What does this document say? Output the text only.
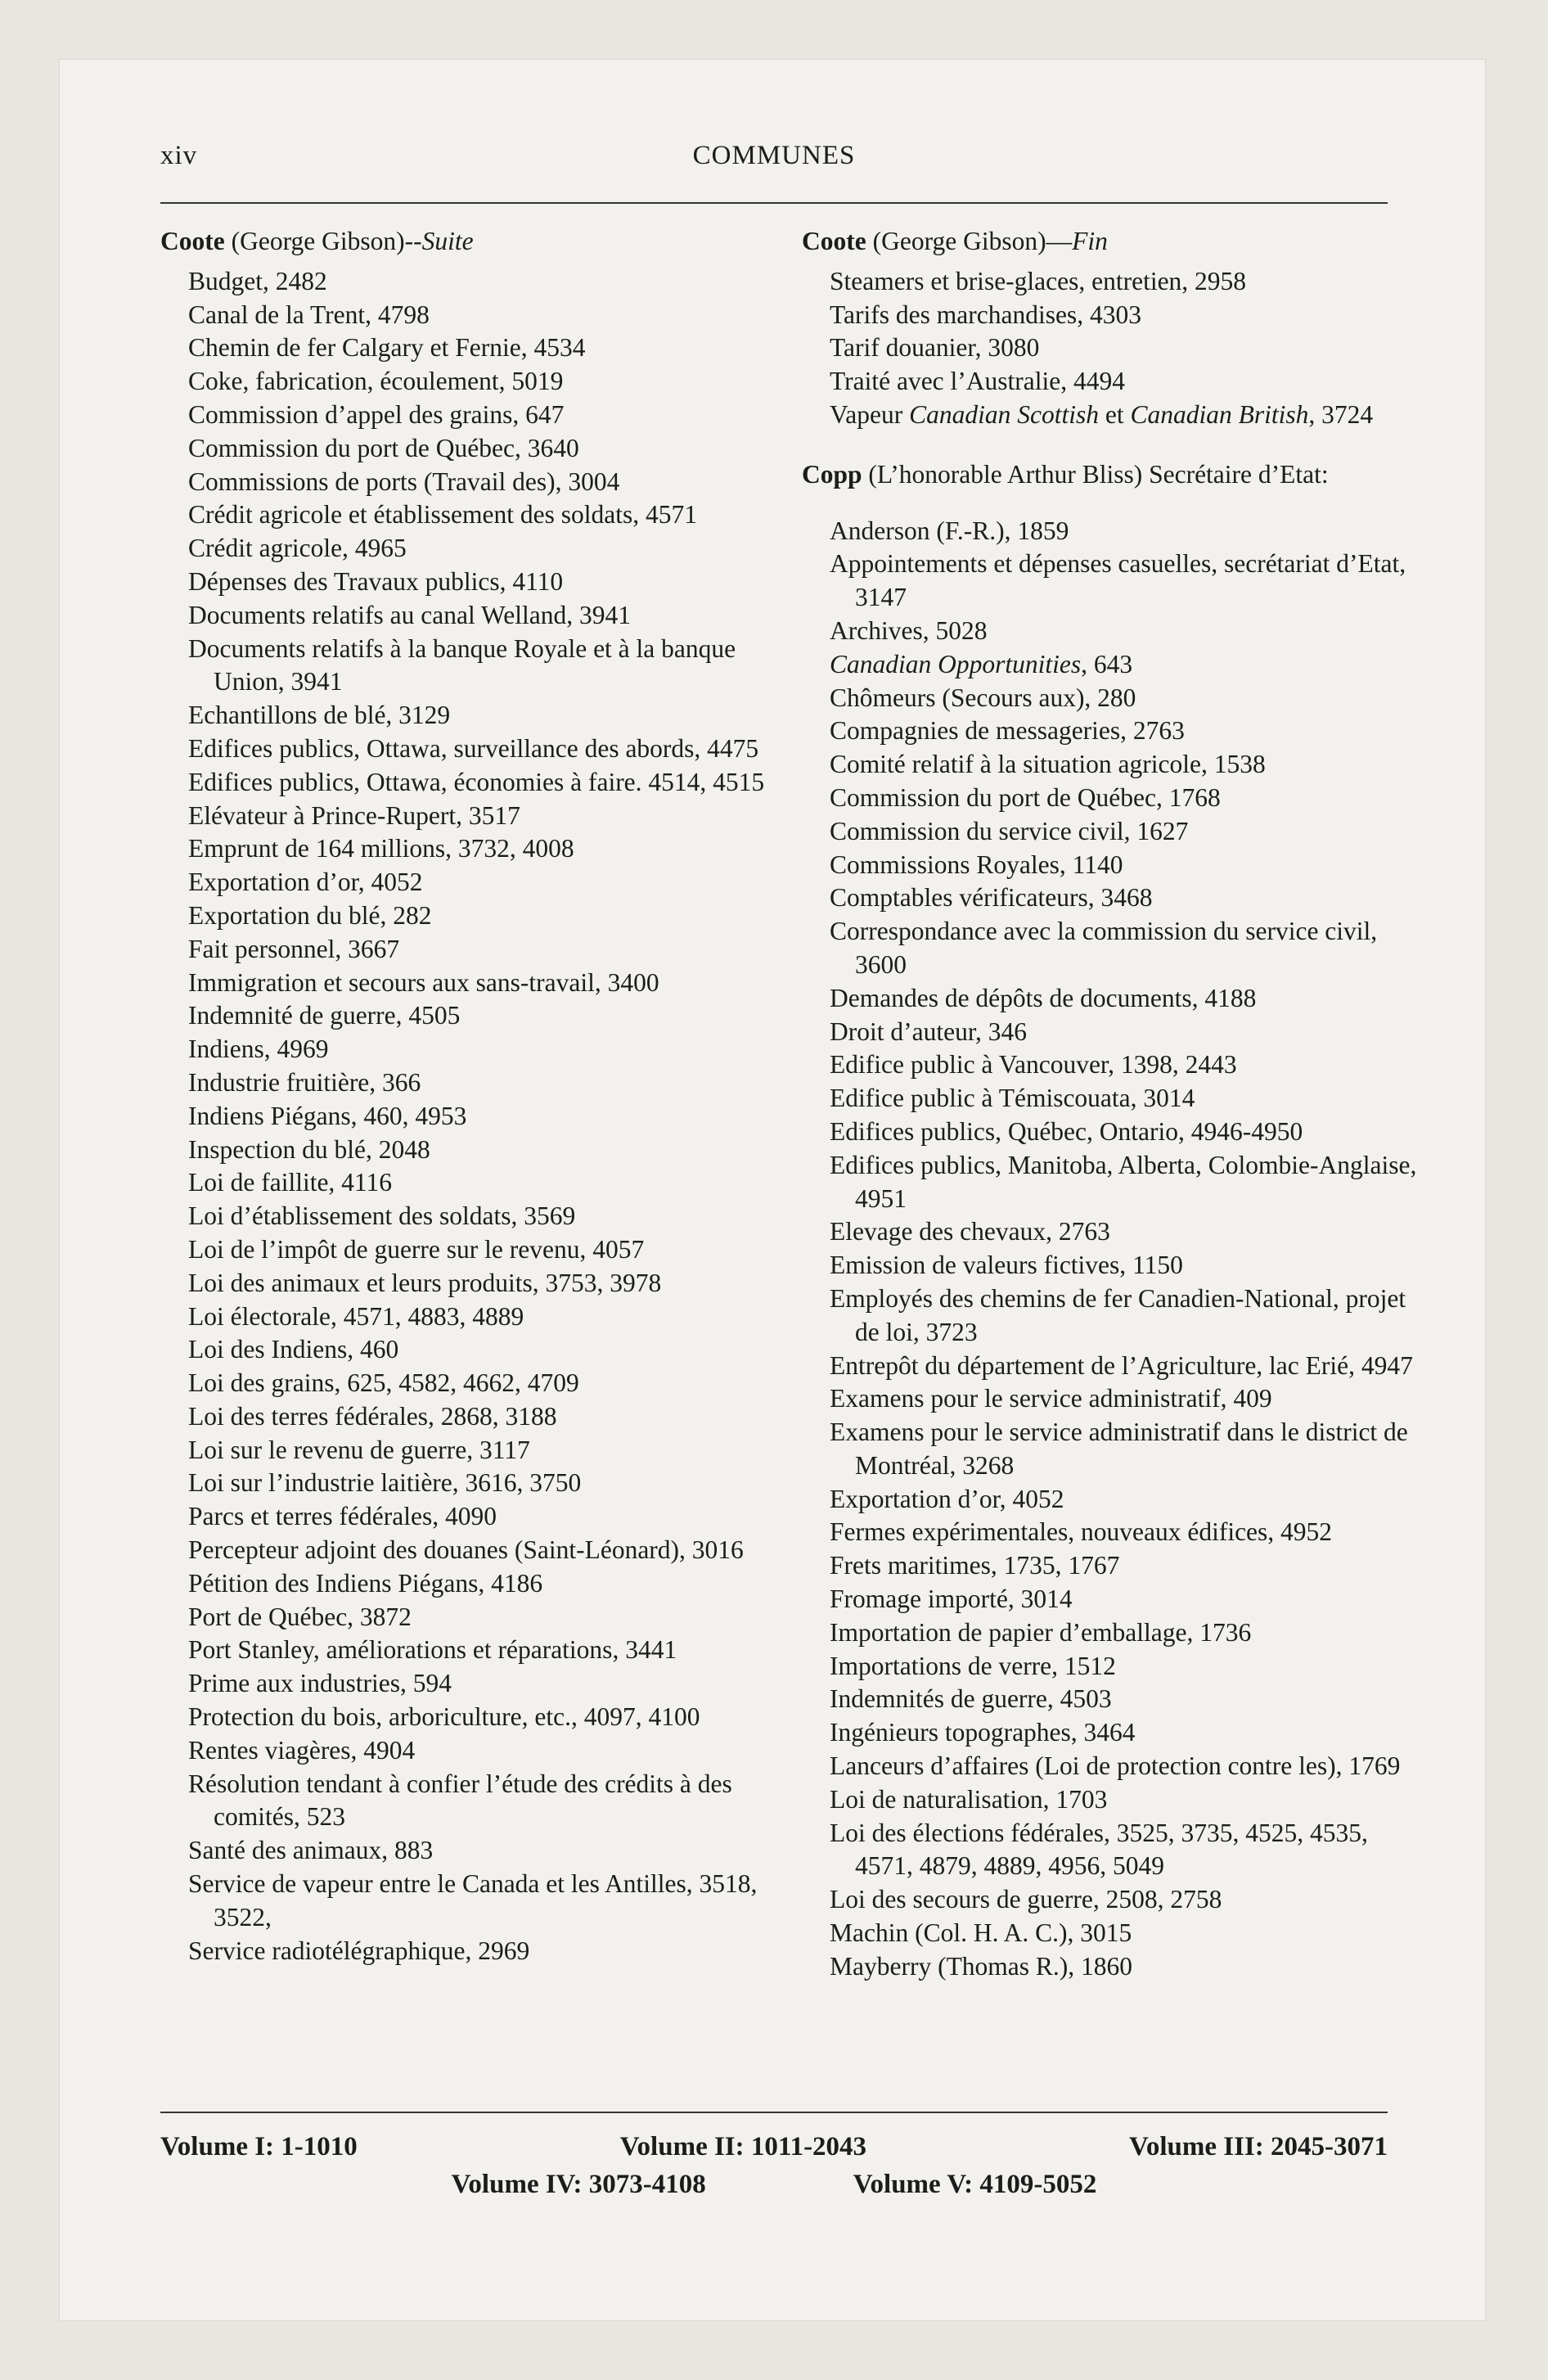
COMMUNES
xiv
Coote (George Gibson)--Suite
Budget, 2482
Canal de la Trent, 4798
Chemin de fer Calgary et Fernie, 4534
Coke, fabrication, écoulement, 5019
Commission d’appel des grains, 647
Commission du port de Québec, 3640
Commissions de ports (Travail des), 3004
Crédit agricole et établissement des soldats, 4571
Crédit agricole, 4965
Dépenses des Travaux publics, 4110
Documents relatifs au canal Welland, 3941
Documents relatifs à la banque Royale et à la banque Union, 3941
Echantillons de blé, 3129
Edifices publics, Ottawa, surveillance des abords, 4475
Edifices publics, Ottawa, économies à faire. 4514, 4515
Elévateur à Prince-Rupert, 3517
Emprunt de 164 millions, 3732, 4008
Exportation d’or, 4052
Exportation du blé, 282
Fait personnel, 3667
Immigration et secours aux sans-travail, 3400
Indemnité de guerre, 4505
Indiens, 4969
Industrie fruitière, 366
Indiens Piégans, 460, 4953
Inspection du blé, 2048
Loi de faillite, 4116
Loi d’établissement des soldats, 3569
Loi de l’impôt de guerre sur le revenu, 4057
Loi des animaux et leurs produits, 3753, 3978
Loi électorale, 4571, 4883, 4889
Loi des Indiens, 460
Loi des grains, 625, 4582, 4662, 4709
Loi des terres fédérales, 2868, 3188
Loi sur le revenu de guerre, 3117
Loi sur l’industrie laitière, 3616, 3750
Parcs et terres fédérales, 4090
Percepteur adjoint des douanes (Saint-Léonard), 3016
Pétition des Indiens Piégans, 4186
Port de Québec, 3872
Port Stanley, améliorations et réparations, 3441
Prime aux industries, 594
Protection du bois, arboriculture, etc., 4097, 4100
Rentes viagères, 4904
Résolution tendant à confier l’étude des crédits à des comités, 523
Santé des animaux, 883
Service de vapeur entre le Canada et les Antilles, 3518, 3522,
Service radiotélégraphique, 2969
Coote (George Gibson)—Fin
Steamers et brise-glaces, entretien, 2958
Tarifs des marchandises, 4303
Tarif douanier, 3080
Traité avec l’Australie, 4494
Vapeur Canadian Scottish et Canadian British, 3724
Copp (L’honorable Arthur Bliss) Secrétaire d’Etat:
Anderson (F.-R.), 1859
Appointements et dépenses casuelles, secrétariat d’Etat, 3147
Archives, 5028
Canadian Opportunities, 643
Chômeurs (Secours aux), 280
Compagnies de messageries, 2763
Comité relatif à la situation agricole, 1538
Commission du port de Québec, 1768
Commission du service civil, 1627
Commissions Royales, 1140
Comptables vérificateurs, 3468
Correspondance avec la commission du service civil, 3600
Demandes de dépôts de documents, 4188
Droit d’auteur, 346
Edifice public à Vancouver, 1398, 2443
Edifice public à Témiscouata, 3014
Edifices publics, Québec, Ontario, 4946-4950
Edifices publics, Manitoba, Alberta, Colombie-Anglaise, 4951
Elevage des chevaux, 2763
Emission de valeurs fictives, 1150
Employés des chemins de fer Canadien-National, projet de loi, 3723
Entrepôt du département de l’Agriculture, lac Erié, 4947
Examens pour le service administratif, 409
Examens pour le service administratif dans le district de Montréal, 3268
Exportation d’or, 4052
Fermes expérimentales, nouveaux édifices, 4952
Frets maritimes, 1735, 1767
Fromage importé, 3014
Importation de papier d’emballage, 1736
Importations de verre, 1512
Indemnités de guerre, 4503
Ingénieurs topographes, 3464
Lanceurs d’affaires (Loi de protection contre les), 1769
Loi de naturalisation, 1703
Loi des élections fédérales, 3525, 3735, 4525, 4535, 4571, 4879, 4889, 4956, 5049
Loi des secours de guerre, 2508, 2758
Machin (Col. H. A. C.), 3015
Mayberry (Thomas R.), 1860
Volume I: 1-1010	Volume II: 1011-2043	Volume III: 2045-3071
Volume IV: 3073-4108	Volume V: 4109-5052
